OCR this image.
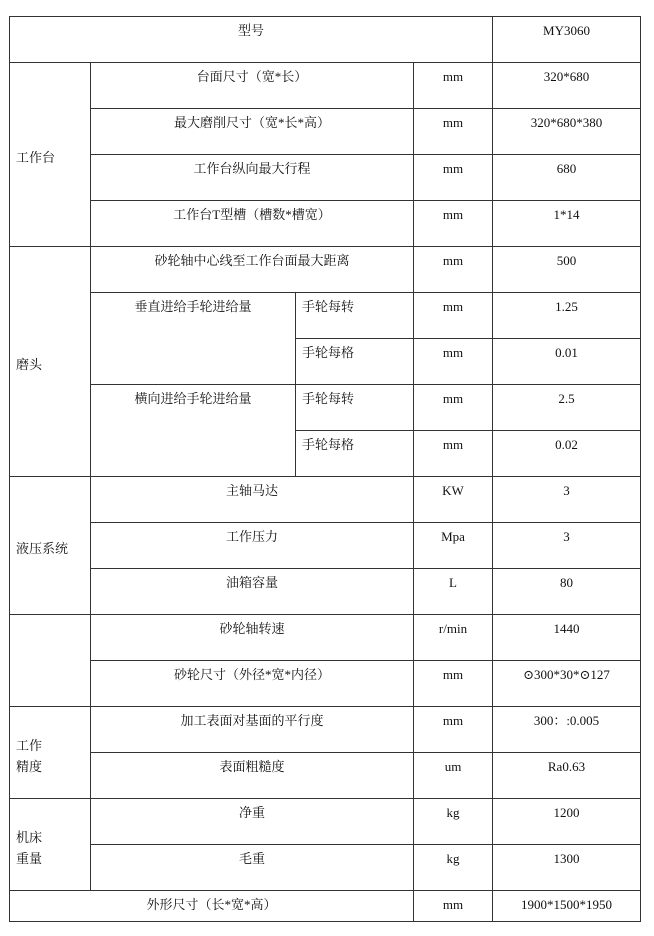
型号				MY3060

工作台	台面尺寸（宽*长）		mm	320*680

	最大磨削尺寸（宽*长*高）		mm	320*680*380

	工作台纵向最大行程		mm	680

	工作台T型槽（槽数*槽宽）		mm	1*14

磨头	砂轮轴中心线至工作台面最大距离		mm	500

	垂直进给手轮进给量	手轮每转	mm	1.25

		手轮每格	mm	0.01

	横向进给手轮进给量	手轮每转	mm	2.5

		手轮每格	mm	0.02

液压系统	主轴马达		KW	3

	工作压力		Mpa	3

	油箱容量		L	80

	砂轮轴转速		r/min	1440

	砂轮尺寸（外径*宽*内径）		mm	⊙300*30*⊙127

工作
精度	加工表面对基面的平行度		mm	300：:0.005

	表面粗糙度		um	Ra0.63

机床
重量	净重		kg	1200

	毛重		kg	1300

外形尺寸（长*宽*高）			mm	1900*1500*1950
